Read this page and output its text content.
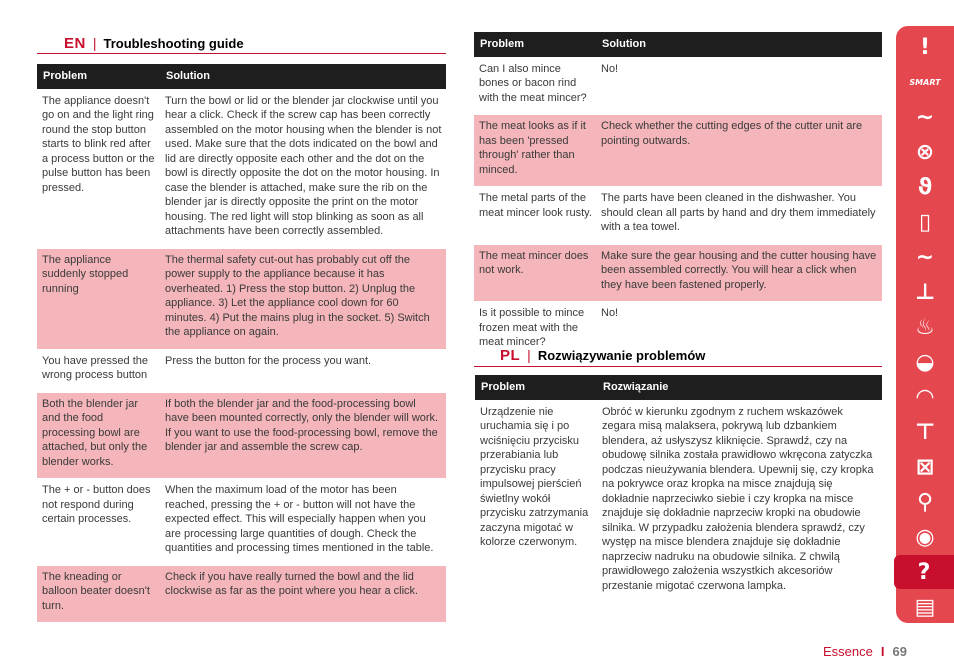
EN | Troubleshooting guide
Problem	Solution
The appliance doesn't go on and the light ring round the stop button starts to blink red after a process button or the pulse button has been pressed.	Turn the bowl or lid or the blender jar clockwise until you hear a click. Check if the screw cap has been correctly assembled on the motor housing when the blender is not used. Make sure that the dots indicated on the bowl and lid are directly opposite each other and the dot on the bowl is directly opposite the dot on the motor housing. In case the blender is attached, make sure the rib on the blender jar is directly opposite the print on the motor housing. The red light will stop blinking as soon as all attachments have been correctly assembled.
The appliance suddenly stopped running	The thermal safety cut-out has probably cut off the power supply to the appliance because it has overheated. 1) Press the stop button. 2) Unplug the appliance. 3) Let the appliance cool down for 60 minutes. 4) Put the mains plug in the socket. 5) Switch the appliance on again.
You have pressed the wrong process button	Press the button for the process you want.
Both the blender jar and the food processing bowl are attached, but only the blender works.	If both the blender jar and the food-processing bowl have been mounted correctly, only the blender will work. If you want to use the food-processing bowl, remove the blender jar and assemble the screw cap.
The + or - button does not respond during certain processes.	When the maximum load of the motor has been reached, pressing the + or - button will not have the expected effect. This will especially happen when you are processing large quantities of dough. Check the quantities and processing times mentioned in the table.
The kneading or balloon beater doesn't turn.	Check if you have really turned the bowl and the lid clockwise as far as the point where you hear a click.
Problem	Solution
Can I also mince bones or bacon rind with the meat mincer?	No!
The meat looks as if it has been 'pressed through' rather than minced.	Check whether the cutting edges of the cutter unit are pointing outwards.
The metal parts of the meat mincer look rusty.	The parts have been cleaned in the dishwasher. You should clean all parts by hand and dry them immediately with a tea towel.
The meat mincer does not work.	Make sure the gear housing and the cutter housing have been assembled correctly. You will hear a click when they have been fastened properly.
Is it possible to mince frozen meat with the meat mincer?	No!
PL | Rozwiązywanie problemów
Problem	Rozwiązanie
Urządzenie nie uruchamia się i po wciśnięciu przycisku przerabiania lub przycisku pracy impulsowej pierścień świetlny wokół przycisku zatrzymania zaczyna migotać w kolorze czerwonym.	Obróć w kierunku zgodnym z ruchem wskazówek zegara misą malaksera, pokrywą lub dzbankiem blendera, aż usłyszysz kliknięcie. Sprawdź, czy na obudowę silnika została prawidłowo wkręcona zatyczka podczas nieużywania blendera. Upewnij się, czy kropka na pokrywce oraz kropka na misce znajdują się dokładnie naprzeciwko siebie i czy kropka na misce znajduje się dokładnie naprzeciw kropki na obudowie silnika. W przypadku założenia blendera sprawdź, czy występ na misce blendera znajduje się dokładnie naprzeciw nadruku na obudowie silnika. Z chwilą prawidłowego założenia wszystkich akcesoriów przestanie migotać czerwona lampka.
!
SMART
∼
⊗
ϑ
▯
∼
⊥
♨
◒
◠
⊤
⊠
⚲
◉
?
▤
Essence I 69
